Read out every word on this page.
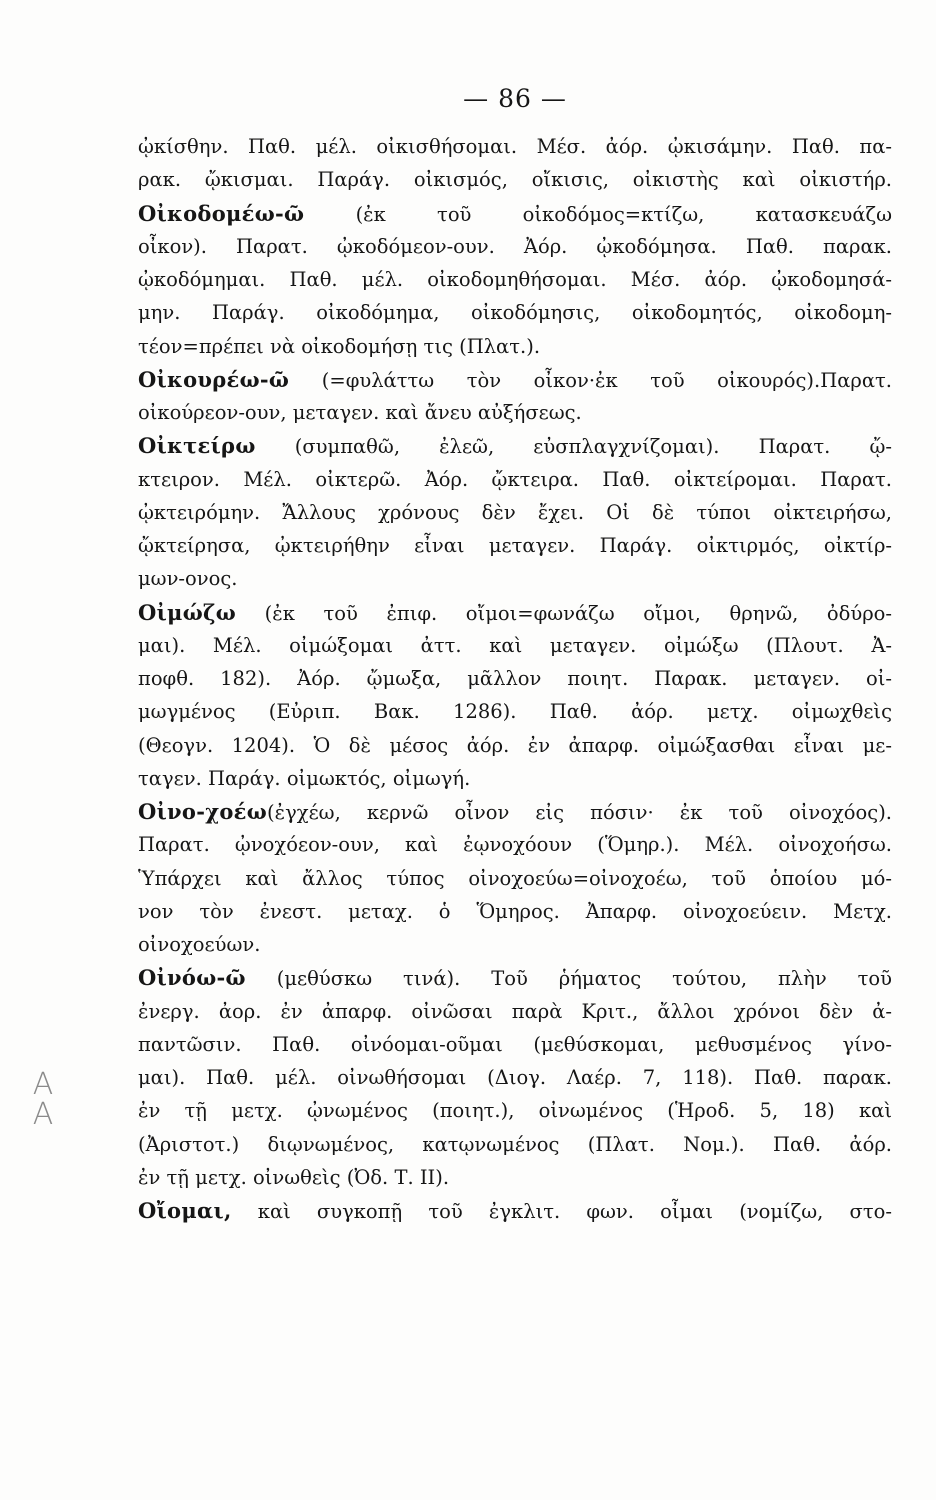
— 86 —
Α
Α
ᾠκίσθην. Παθ. μέλ. οἰκισθήσομαι. Μέσ. ἀόρ. ᾠκισάμην. Παθ. πα-
ρακ. ᾤκισμαι. Παράγ. οἰκισμός, οἴκισις, οἰκιστὴς καὶ οἰκιστήρ.
Οἰκοδομέω-ῶ (ἐκ τοῦ οἰκοδόμος=κτίζω, κατασκευάζω
οἶκον). Παρατ. ᾠκοδόμεον-ουν. Ἀόρ. ᾠκοδόμησα. Παθ. παρακ.
ᾠκοδόμημαι. Παθ. μέλ. οἰκοδομηθήσομαι. Μέσ. ἀόρ. ᾠκοδομησά-
μην. Παράγ. οἰκοδόμημα, οἰκοδόμησις, οἰκοδομητός, οἰκοδομη-
τέον=πρέπει νὰ οἰκοδομήσῃ τις (Πλατ.).
Οἰκουρέω-ῶ (=φυλάττω τὸν οἶκον·ἐκ τοῦ οἰκουρός).Παρατ.
οἰκούρεον-ουν, μεταγεν. καὶ ἄνευ αὐξήσεως.
Οἰκτείρω (συμπαθῶ, ἐλεῶ, εὐσπλαγχνίζομαι). Παρατ. ᾤ-
κτειρον. Μέλ. οἰκτερῶ. Ἀόρ. ᾤκτειρα. Παθ. οἰκτείρομαι. Παρατ.
ᾠκτειρόμην. Ἄλλους χρόνους δὲν ἔχει. Οἱ δὲ τύποι οἰκτειρήσω,
ᾤκτείρησα, ᾠκτειρήθην εἶναι μεταγεν. Παράγ. οἰκτιρμός, οἰκτίρ-
μων-ονος.
Οἰμώζω (ἐκ τοῦ ἐπιφ. οἴμοι=φωνάζω οἴμοι, θρηνῶ, ὀδύρο-
μαι). Μέλ. οἰμώξομαι ἀττ. καὶ μεταγεν. οἰμώξω (Πλουτ. Ἀ-
ποφθ. 182). Ἀόρ. ᾤμωξα, μᾶλλον ποιητ. Παρακ. μεταγεν. οἰ-
μωγμένος (Εὐριπ. Βακ. 1286). Παθ. ἀόρ. μετχ. οἰμωχθεὶς
(Θεογν. 1204). Ὁ δὲ μέσος ἀόρ. ἐν ἀπαρφ. οἰμώξασθαι εἶναι με-
ταγεν. Παράγ. οἰμωκτός, οἰμωγή.
Οἰνο-χοέω(ἐγχέω, κερνῶ οἶνον εἰς πόσιν· ἐκ τοῦ οἰνοχόος).
Παρατ. ᾠνοχόεον-ουν, καὶ ἐῳνοχόουν (Ὅμηρ.). Μέλ. οἰνοχοήσω.
Ὑπάρχει καὶ ἄλλος τύπος οἰνοχοεύω=οἰνοχοέω, τοῦ ὁποίου μό-
νον τὸν ἐνεστ. μεταχ. ὁ Ὅμηρος. Ἀπαρφ. οἰνοχοεύειν. Μετχ.
οἰνοχοεύων.
Οἰνόω-ῶ (μεθύσκω τινά). Τοῦ ῥήματος τούτου, πλὴν τοῦ
ἐνεργ. ἀορ. ἐν ἀπαρφ. οἰνῶσαι παρὰ Κριτ., ἄλλοι χρόνοι δὲν ἀ-
παντῶσιν. Παθ. οἰνόομαι-οῦμαι (μεθύσκομαι, μεθυσμένος γίνο-
μαι). Παθ. μέλ. οἰνωθήσομαι (Διογ. Λαέρ. 7, 118). Παθ. παρακ.
ἐν τῇ μετχ. ᾠνωμένος (ποιητ.), οἰνωμένος (Ἡροδ. 5, 18) καὶ
(Ἀριστοτ.) διῳνωμένος, κατῳνωμένος (Πλατ. Νομ.). Παθ. ἀόρ.
ἐν τῇ μετχ. οἰνωθεὶς (Ὀδ. Τ. ΙΙ).
Οἴομαι, καὶ συγκοπῇ τοῦ ἐγκλιτ. φων. οἶμαι (νομίζω, στο-
